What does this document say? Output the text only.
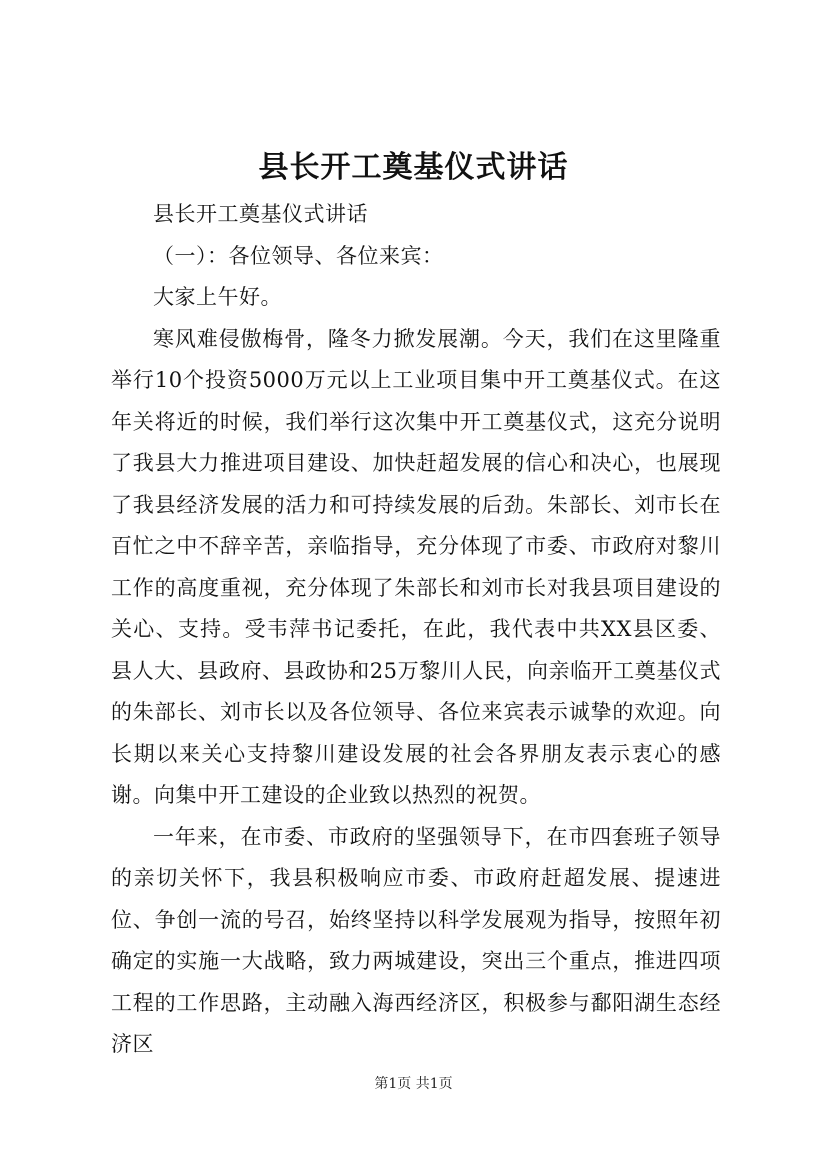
县长开工奠基仪式讲话

县长开工奠基仪式讲话

（一）：各位领导、各位来宾：

大家上午好。

寒风难侵傲梅骨，隆冬力掀发展潮。今天，我们在这里隆重举行10个投资5000万元以上工业项目集中开工奠基仪式。在这年关将近的时候，我们举行这次集中开工奠基仪式，这充分说明了我县大力推进项目建设、加快赶超发展的信心和决心，也展现了我县经济发展的活力和可持续发展的后劲。朱部长、刘市长在百忙之中不辞辛苦，亲临指导，充分体现了市委、市政府对黎川工作的高度重视，充分体现了朱部长和刘市长对我县项目建设的关心、支持。受韦萍书记委托，在此，我代表中共XX县区委、县人大、县政府、县政协和25万黎川人民，向亲临开工奠基仪式的朱部长、刘市长以及各位领导、各位来宾表示诚挚的欢迎。向长期以来关心支持黎川建设发展的社会各界朋友表示衷心的感谢。向集中开工建设的企业致以热烈的祝贺。

一年来，在市委、市政府的坚强领导下，在市四套班子领导的亲切关怀下，我县积极响应市委、市政府赶超发展、提速进位、争创一流的号召，始终坚持以科学发展观为指导，按照年初确定的实施一大战略，致力两城建设，突出三个重点，推进四项工程的工作思路，主动融入海西经济区，积极参与鄱阳湖生态经济区

第1页 共1页
